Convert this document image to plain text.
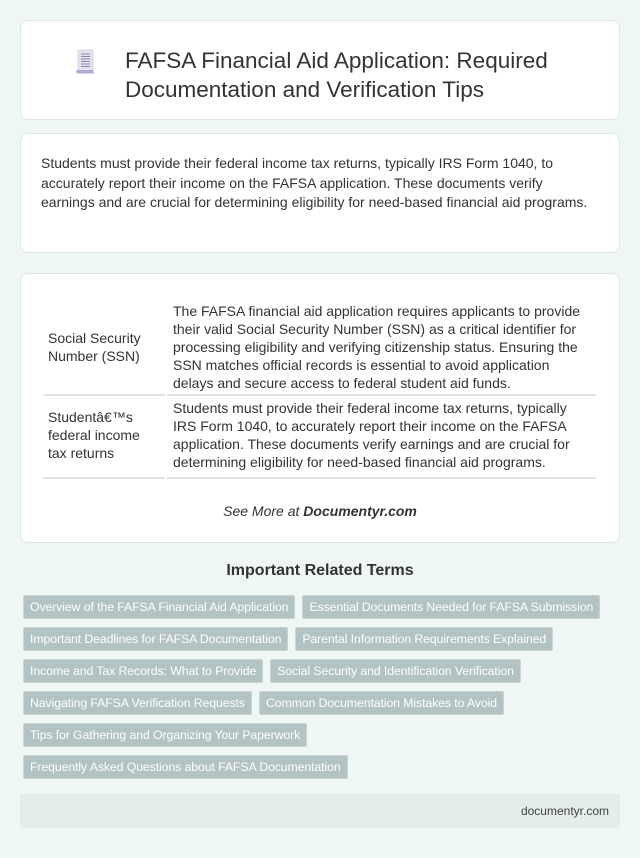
FAFSA Financial Aid Application: Required Documentation and Verification Tips

Students must provide their federal income tax returns, typically IRS Form 1040, to accurately report their income on the FAFSA application. These documents verify earnings and are crucial for determining eligibility for need-based financial aid programs.

Social Security Number (SSN)	The FAFSA financial aid application requires applicants to provide their valid Social Security Number (SSN) as a critical identifier for processing eligibility and verifying citizenship status. Ensuring the SSN matches official records is essential to avoid application delays and secure access to federal student aid funds.
Studentâ€™s federal income tax returns	Students must provide their federal income tax returns, typically IRS Form 1040, to accurately report their income on the FAFSA application. These documents verify earnings and are crucial for determining eligibility for need-based financial aid programs.
See More at Documentyr.com
Important Related Terms
Overview of the FAFSA Financial Aid Application	Essential Documents Needed for FAFSA Submission
Important Deadlines for FAFSA Documentation	Parental Information Requirements Explained
Income and Tax Records: What to Provide	Social Security and Identification Verification
Navigating FAFSA Verification Requests	Common Documentation Mistakes to Avoid
Tips for Gathering and Organizing Your Paperwork
Frequently Asked Questions about FAFSA Documentation
documentyr.com
